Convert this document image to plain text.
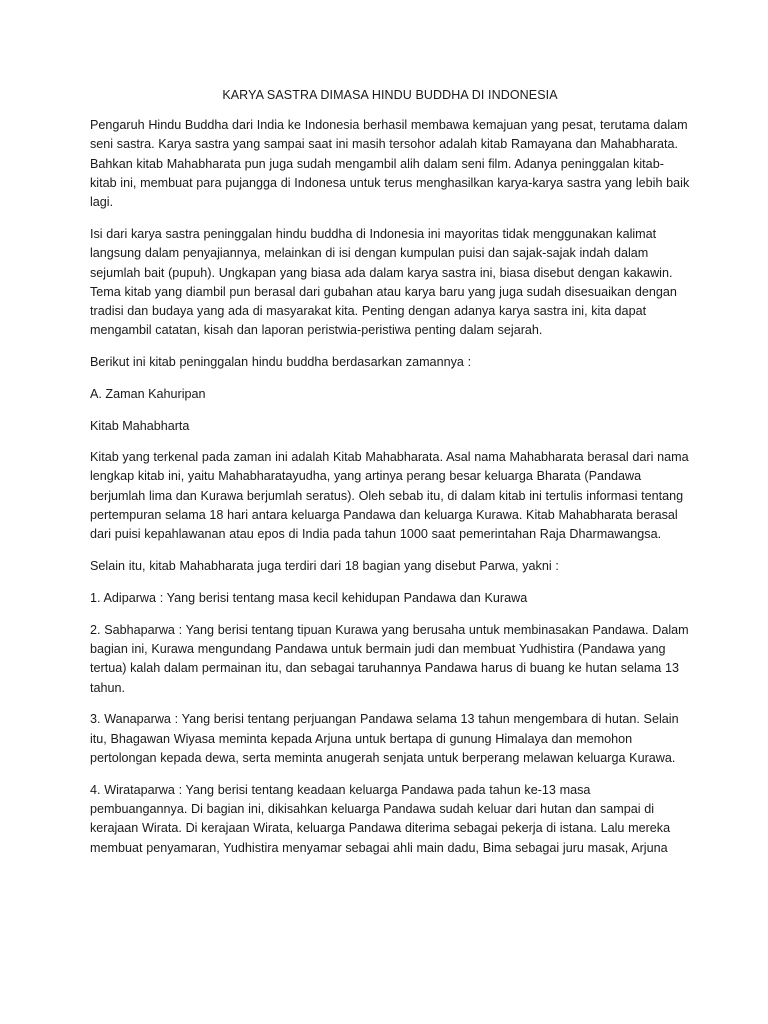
KARYA SASTRA DIMASA HINDU BUDDHA DI INDONESIA

Pengaruh Hindu Buddha dari India ke Indonesia berhasil membawa kemajuan yang pesat, terutama dalam seni sastra. Karya sastra yang sampai saat ini masih tersohor adalah kitab Ramayana dan Mahabharata. Bahkan kitab Mahabharata pun juga sudah mengambil alih dalam seni film. Adanya peninggalan kitab-kitab ini, membuat para pujangga di Indonesa untuk terus menghasilkan karya-karya sastra yang lebih baik lagi.

Isi dari karya sastra peninggalan hindu buddha di Indonesia ini mayoritas tidak menggunakan kalimat langsung dalam penyajiannya, melainkan di isi dengan kumpulan puisi dan sajak-sajak indah dalam sejumlah bait (pupuh). Ungkapan yang biasa ada dalam karya sastra ini, biasa disebut dengan kakawin. Tema kitab yang diambil pun berasal dari gubahan atau karya baru yang juga sudah disesuaikan dengan tradisi dan budaya yang ada di masyarakat kita. Penting dengan adanya karya sastra ini, kita dapat mengambil catatan, kisah dan laporan peristwia-peristiwa penting dalam sejarah.

Berikut ini kitab peninggalan hindu buddha berdasarkan zamannya :

A. Zaman Kahuripan

Kitab Mahabharta

Kitab yang terkenal pada zaman ini adalah Kitab Mahabharata. Asal nama Mahabharata berasal dari nama lengkap kitab ini, yaitu Mahabharatayudha, yang artinya perang besar keluarga Bharata (Pandawa berjumlah lima dan Kurawa berjumlah seratus). Oleh sebab itu, di dalam kitab ini tertulis informasi tentang pertempuran selama 18 hari antara keluarga Pandawa dan keluarga Kurawa. Kitab Mahabharata berasal dari puisi kepahlawanan atau epos di India pada tahun 1000 saat pemerintahan Raja Dharmawangsa.

Selain itu, kitab Mahabharata juga terdiri dari 18 bagian yang disebut Parwa, yakni :

1. Adiparwa : Yang berisi tentang masa kecil kehidupan Pandawa dan Kurawa

2. Sabhaparwa : Yang berisi tentang tipuan Kurawa yang berusaha untuk membinasakan Pandawa. Dalam bagian ini, Kurawa mengundang Pandawa untuk bermain judi dan membuat Yudhistira (Pandawa yang tertua) kalah dalam permainan itu, dan sebagai taruhannya Pandawa harus di buang ke hutan selama 13 tahun.

3. Wanaparwa : Yang berisi tentang perjuangan Pandawa selama 13 tahun mengembara di hutan. Selain itu, Bhagawan Wiyasa meminta kepada Arjuna untuk bertapa di gunung Himalaya dan memohon pertolongan kepada dewa, serta meminta anugerah senjata untuk berperang melawan keluarga Kurawa.

4. Wirataparwa : Yang berisi tentang keadaan keluarga Pandawa pada tahun ke-13 masa pembuangannya. Di bagian ini, dikisahkan keluarga Pandawa sudah keluar dari hutan dan sampai di kerajaan Wirata. Di kerajaan Wirata, keluarga Pandawa diterima sebagai pekerja di istana. Lalu mereka membuat penyamaran, Yudhistira menyamar sebagai ahli main dadu, Bima sebagai juru masak, Arjuna
